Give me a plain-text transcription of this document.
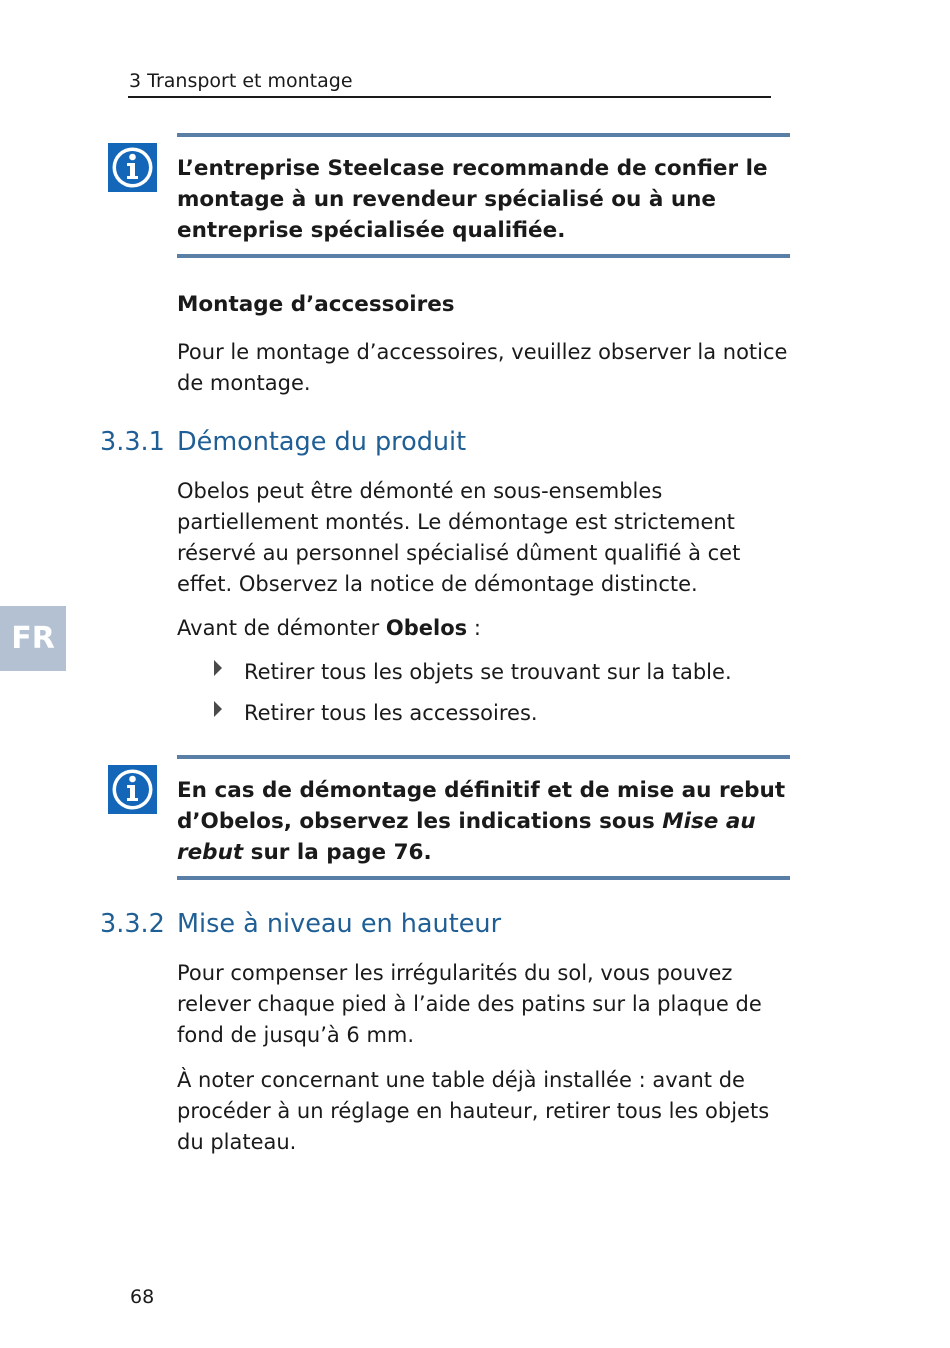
3 Transport et montage
L’entreprise Steelcase recommande de confier le montage à un revendeur spécialisé ou à une entreprise spécialisée qualifiée.
Montage d’accessoires
Pour le montage d’accessoires, veuillez observer la notice de montage.
3.3.1 Démontage du produit
Obelos peut être démonté en sous-ensembles partiellement montés. Le démontage est strictement réservé au personnel spécialisé dûment qualifié à cet effet. Observez la notice de démontage distincte.
Avant de démonter Obelos :
Retirer tous les objets se trouvant sur la table.
Retirer tous les accessoires.
En cas de démontage définitif et de mise au rebut d’Obelos, observez les indications sous Mise au rebut sur la page 76.
3.3.2 Mise à niveau en hauteur
Pour compenser les irrégularités du sol, vous pouvez relever chaque pied à l’aide des patins sur la plaque de fond de jusqu’à 6 mm.
À noter concernant une table déjà installée : avant de procéder à un réglage en hauteur, retirer tous les objets du plateau.
FR
68
